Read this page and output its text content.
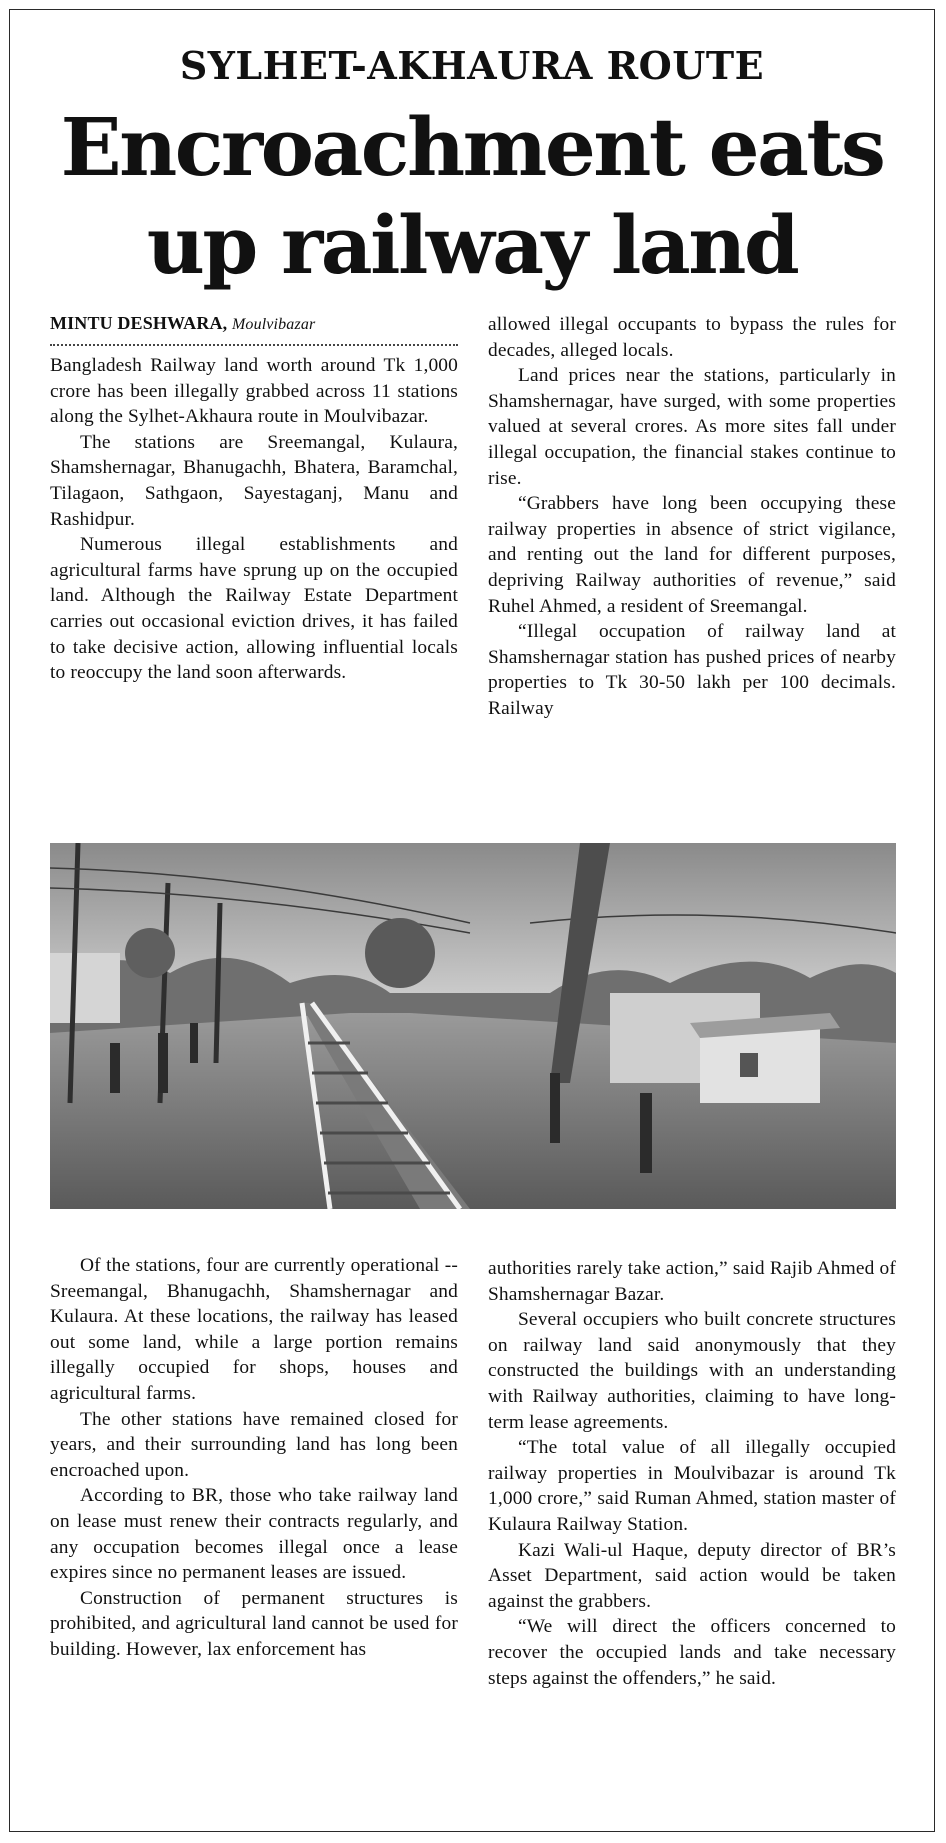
SYLHET-AKHAURA ROUTE
Encroachment eats
up railway land
MINTU DESHWARA, Moulvibazar

Bangladesh Railway land worth around Tk 1,000 crore has been illegally grabbed across 11 stations along the Sylhet-Akhaura route in Moulvibazar.

The stations are Sreemangal, Kulaura, Shamshernagar, Bhanugachh, Bhatera, Baramchal, Tilagaon, Sathgaon, Sayestaganj, Manu and Rashidpur.

Numerous illegal establishments and agricultural farms have sprung up on the occupied land. Although the Railway Estate Department carries out occasional eviction drives, it has failed to take decisive action, allowing influential locals to reoccupy the land soon afterwards.

allowed illegal occupants to bypass the rules for decades, alleged locals.

Land prices near the stations, particularly in Shamshernagar, have surged, with some properties valued at several crores. As more sites fall under illegal occupation, the financial stakes continue to rise.

“Grabbers have long been occupying these railway properties in absence of strict vigilance, and renting out the land for different purposes, depriving Railway authorities of revenue,” said Ruhel Ahmed, a resident of Sreemangal.

“Illegal occupation of railway land at Shamshernagar station has pushed prices of nearby properties to Tk 30-50 lakh per 100 decimals. Railway

Of the stations, four are currently operational -- Sreemangal, Bhanugachh, Shamshernagar and Kulaura. At these locations, the railway has leased out some land, while a large portion remains illegally occupied for shops, houses and agricultural farms.

The other stations have remained closed for years, and their surrounding land has long been encroached upon.

According to BR, those who take railway land on lease must renew their contracts regularly, and any occupation becomes illegal once a lease expires since no permanent leases are issued.

Construction of permanent structures is prohibited, and agricultural land cannot be used for building. However, lax enforcement has

authorities rarely take action,” said Rajib Ahmed of Shamshernagar Bazar.

Several occupiers who built concrete structures on railway land said anonymously that they constructed the buildings with an understanding with Railway authorities, claiming to have long-term lease agreements.

“The total value of all illegally occupied railway properties in Moulvibazar is around Tk 1,000 crore,” said Ruman Ahmed, station master of Kulaura Railway Station.

Kazi Wali-ul Haque, deputy director of BR’s Asset Department, said action would be taken against the grabbers.

“We will direct the officers concerned to recover the occupied lands and take necessary steps against the offenders,” he said.
